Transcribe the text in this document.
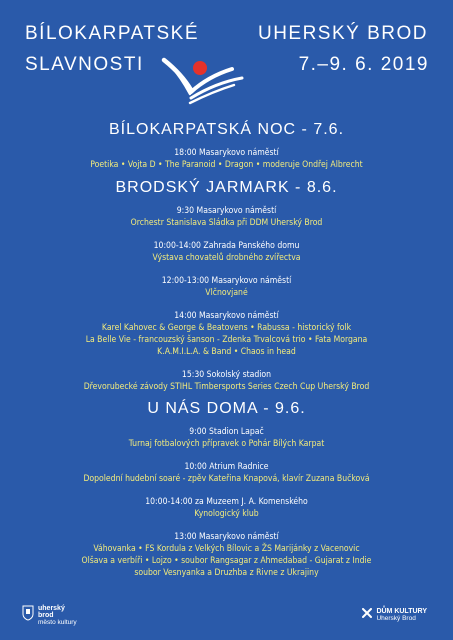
BÍLOKARPATSKÉ
SLAVNOSTI
UHERSKÝ BROD
7.–9. 6. 2019
BÍLOKARPATSKÁ NOC - 7.6.
18:00 Masarykovo náměstí
Poetika • Vojta D • The Paranoid • Dragon • moderuje Ondřej Albrecht
BRODSKÝ JARMARK - 8.6.
9:30 Masarykovo náměstí
Orchestr Stanislava Sládka při DDM Uherský Brod
10:00-14:00 Zahrada Panského domu
Výstava chovatelů drobného zvířectva
12:00-13:00 Masarykovo náměstí
Vlčnovjané
14:00 Masarykovo náměstí
Karel Kahovec & George & Beatovens • Rabussa - historický folk
La Belle Vie - francouzský šanson - Zdenka Trvalcová trio • Fata Morgana
K.A.M.I.L.A. & Band • Chaos in head
15:30 Sokolský stadion
Dřevorubecké závody STIHL Timbersports Series Czech Cup Uherský Brod
U NÁS DOMA - 9.6.
9:00 Stadion Lapač
Turnaj fotbalových přípravek o Pohár Bílých Karpat
10:00 Atrium Radnice
Dopolední hudební soaré - zpěv Kateřina Knapová, klavír Zuzana Bučková
10:00-14:00 za Muzeem J. A. Komenského
Kynologický klub
13:00 Masarykovo náměstí
Váhovanka • FS Kordula z Velkých Bílovic a ŽS Marijánky z Vacenovic
Olšava a verbíři • Lojzo • soubor Rangsagar z Ahmedabad - Gujarat z Indie
soubor Vesnyanka a Druzhba z Rivne z Ukrajiny
uherský
brod
město kultury
DŮM KULTURY
Uherský Brod
